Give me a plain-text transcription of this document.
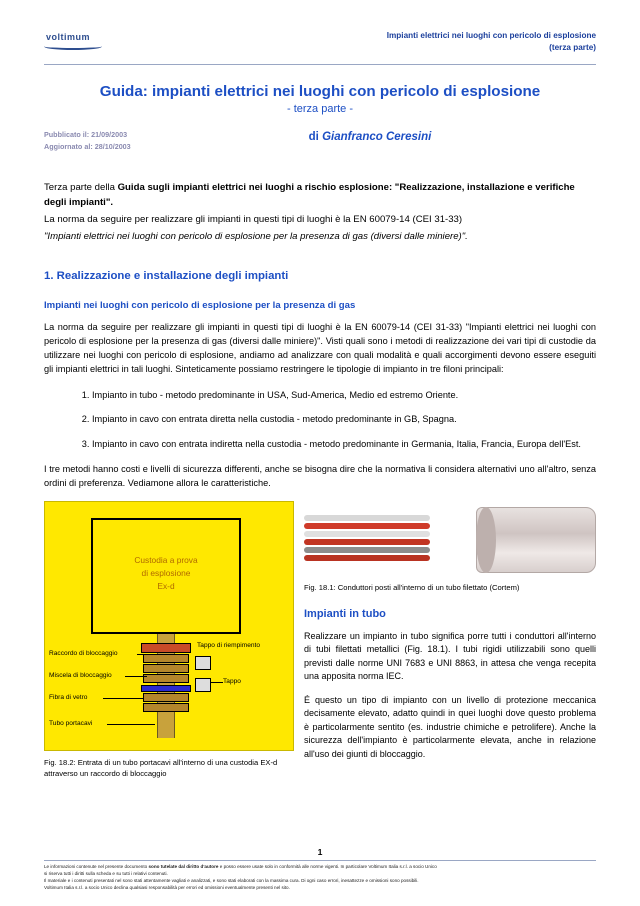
voltimum	Impianti elettrici nei luoghi con pericolo di esplosione
(terza parte)
Guida: impianti elettrici nei luoghi con pericolo di esplosione
- terza parte -
Pubblicato il: 21/09/2003
Aggiornato al: 28/10/2003
di Gianfranco Ceresini

Terza parte della Guida sugli impianti elettrici nei luoghi a rischio esplosione: "Realizzazione, installazione e verifiche degli impianti".

La norma da seguire per realizzare gli impianti in questi tipi di luoghi è la EN 60079-14 (CEI 31-33)

"Impianti elettrici nei luoghi con pericolo di esplosione per la presenza di gas (diversi dalle miniere)".

1. Realizzazione e installazione degli impianti
Impianti nei luoghi con pericolo di esplosione per la presenza di gas

La norma da seguire per realizzare gli impianti in questi tipi di luoghi è la EN 60079-14 (CEI 31-33) "Impianti elettrici nei luoghi con pericolo di esplosione per la presenza di gas (diversi dalle miniere)". Visti quali sono i metodi di realizzazione dei vari tipi di custodie da utilizzare nei luoghi con pericolo di esplosione, andiamo ad analizzare con quali modalità e quali accorgimenti devono essere eseguiti gli impianti elettrici in tali luoghi. Sinteticamente possiamo restringere le tipologie di impianto in tre filoni principali:

1. Impianto in tubo - metodo predominante in USA, Sud-America, Medio ed estremo Oriente.
2. Impianto in cavo con entrata diretta nella custodia - metodo predominante in GB, Spagna.
3. Impianto in cavo con entrata indiretta nella custodia - metodo predominante in Germania, Italia, Francia, Europa dell'Est.

I tre metodi hanno costi e livelli di sicurezza differenti, anche se bisogna dire che la normativa li considera alternativi uno all'altro, senza ordini di preferenza. Vediamone allora le caratteristiche.

Custodia a prova
di esplosione
Ex-d
Raccordo di bloccaggio
Miscela di bloccaggio
Fibra di vetro
Tubo portacavi
Tappo di riempimento
Tappo
Fig. 18.2: Entrata di un tubo portacavi all'interno di una custodia EX-d attraverso un raccordo di bloccaggio
Fig. 18.1: Conduttori posti all'interno di un tubo filettato (Cortem)
Impianti in tubo

Realizzare un impianto in tubo significa porre tutti i conduttori all'interno di tubi filettati metallici (Fig. 18.1). I tubi rigidi utilizzabili sono quelli previsti dalle norme UNI 7683 e UNI 8863, in attesa che venga recepita una apposita norma IEC.

É questo un tipo di impianto con un livello di protezione meccanica decisamente elevato, adatto quindi in quei luoghi dove questo problema è particolarmente sentito (es. industrie chimiche e petrolifere). Anche la sicurezza dell'impianto è particolarmente elevata, anche in relazione all'uso dei giunti di bloccaggio.

1
Le informazioni contenute nel presente documento sono tutelate dal diritto d'autore e posso essere usate solo in conformità alle norme vigenti. In particolare Voltimum Italia s.r.l. a socio Unico
si riserva tutti i diritti sulla scheda e su tutti i relativi contenuti.
Il materiale e i contenuti presentati nel sono stati attentamente vagliati e analizzati, e sono stati elaborati con la massima cura. Di ogni caso errori, inesattezze e omissioni sono possibili.
Voltimum Italia s.r.l. a socio Unico declina qualsiasi responsabilità per errori ed omissioni eventualmente presenti nel sito.
